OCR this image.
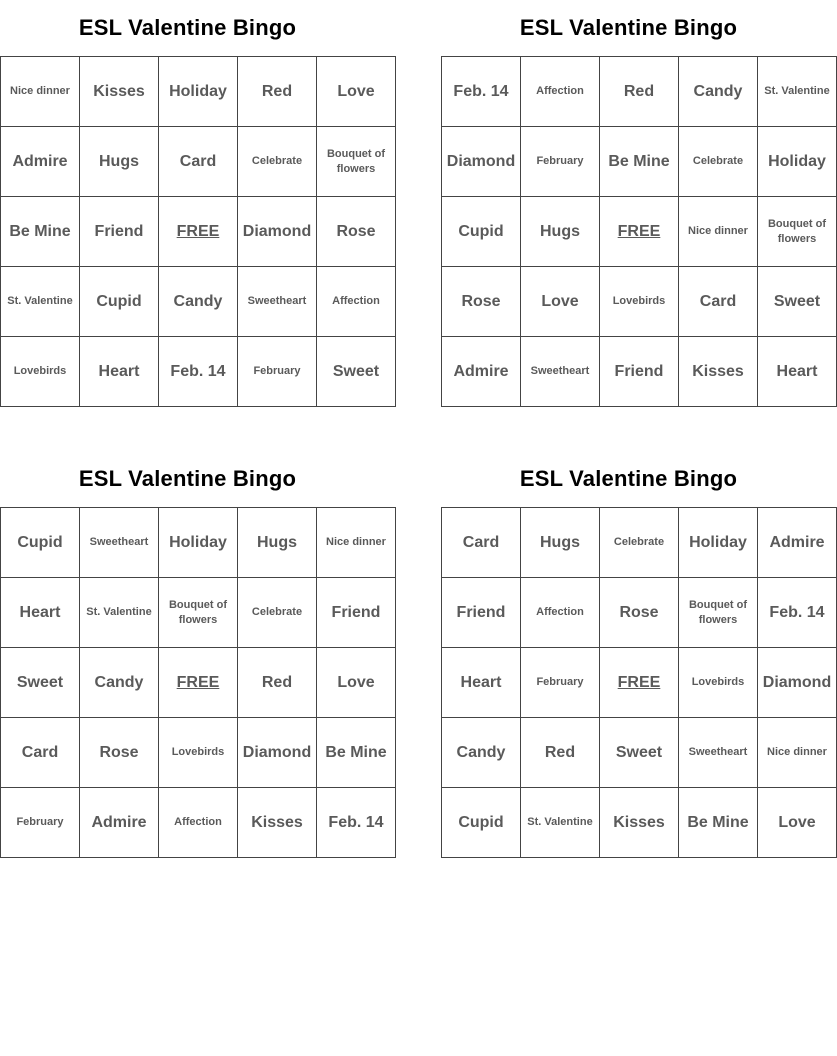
ESL Valentine Bingo
Nice dinner	Kisses	Holiday	Red	Love
Admire	Hugs	Card	Celebrate	Bouquet of flowers
Be Mine	Friend	FREE	Diamond	Rose
St. Valentine	Cupid	Candy	Sweetheart	Affection
Lovebirds	Heart	Feb. 14	February	Sweet
ESL Valentine Bingo
Feb. 14	Affection	Red	Candy	St. Valentine
Diamond	February	Be Mine	Celebrate	Holiday
Cupid	Hugs	FREE	Nice dinner	Bouquet of flowers
Rose	Love	Lovebirds	Card	Sweet
Admire	Sweetheart	Friend	Kisses	Heart
ESL Valentine Bingo
Cupid	Sweetheart	Holiday	Hugs	Nice dinner
Heart	St. Valentine	Bouquet of flowers	Celebrate	Friend
Sweet	Candy	FREE	Red	Love
Card	Rose	Lovebirds	Diamond	Be Mine
February	Admire	Affection	Kisses	Feb. 14
ESL Valentine Bingo
Card	Hugs	Celebrate	Holiday	Admire
Friend	Affection	Rose	Bouquet of flowers	Feb. 14
Heart	February	FREE	Lovebirds	Diamond
Candy	Red	Sweet	Sweetheart	Nice dinner
Cupid	St. Valentine	Kisses	Be Mine	Love
